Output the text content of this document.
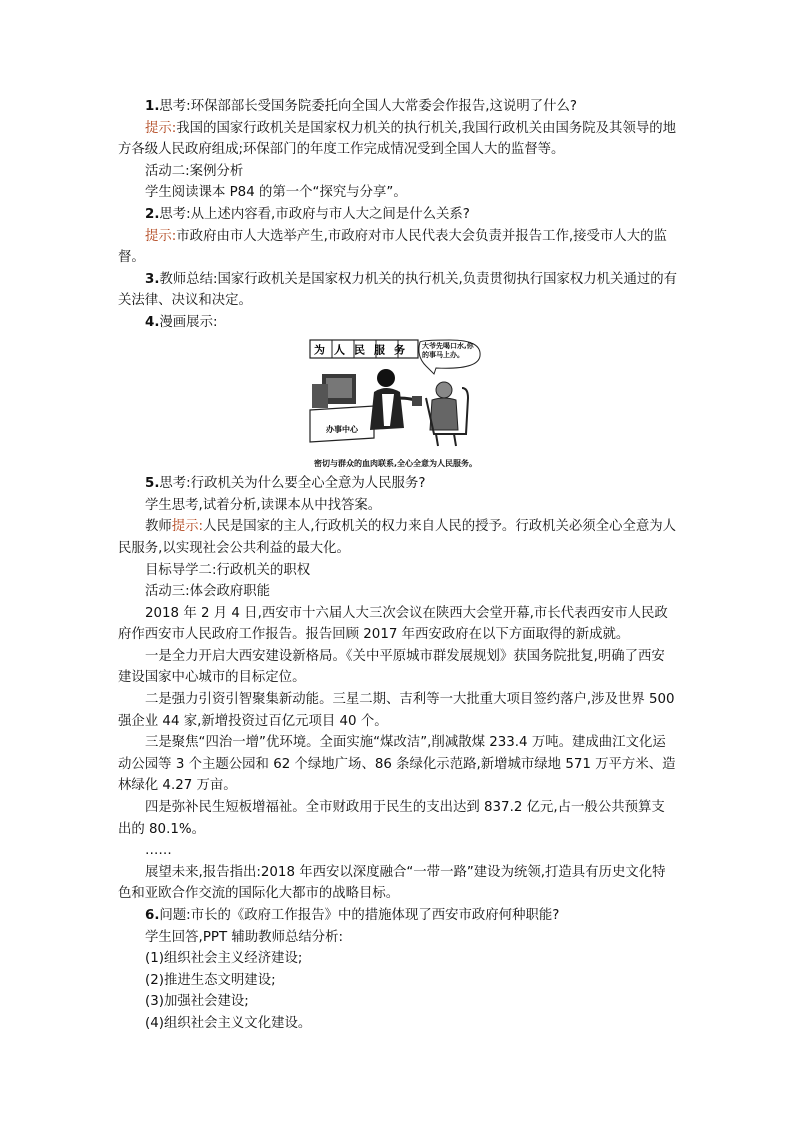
1.思考:环保部部长受国务院委托向全国人大常委会作报告,这说明了什么?

提示:我国的国家行政机关是国家权力机关的执行机关,我国行政机关由国务院及其领导的地方各级人民政府组成;环保部门的年度工作完成情况受到全国人大的监督等。

活动二:案例分析

学生阅读课本 P84 的第一个“探究与分享”。

2.思考:从上述内容看,市政府与市人大之间是什么关系?

提示:市政府由市人大选举产生,市政府对市人民代表大会负责并报告工作,接受市人大的监督。

3.教师总结:国家行政机关是国家权力机关的执行机关,负责贯彻执行国家权力机关通过的有关法律、决议和决定。

4.漫画展示:

为人民服务 大爷先喝口水,你的事马上办。
办事中心
密切与群众的血肉联系,全心全意为人民服务。

5.思考:行政机关为什么要全心全意为人民服务?

学生思考,试着分析,读课本从中找答案。

教师提示:人民是国家的主人,行政机关的权力来自人民的授予。行政机关必须全心全意为人民服务,以实现社会公共利益的最大化。

目标导学二:行政机关的职权

活动三:体会政府职能

2018 年 2 月 4 日,西安市十六届人大三次会议在陕西大会堂开幕,市长代表西安市人民政府作西安市人民政府工作报告。报告回顾 2017 年西安政府在以下方面取得的新成就。

一是全力开启大西安建设新格局。《关中平原城市群发展规划》获国务院批复,明确了西安建设国家中心城市的目标定位。

二是强力引资引智聚集新动能。三星二期、吉利等一大批重大项目签约落户,涉及世界 500 强企业 44 家,新增投资过百亿元项目 40 个。

三是聚焦“四治一增”优环境。全面实施“煤改洁”,削减散煤 233.4 万吨。建成曲江文化运动公园等 3 个主题公园和 62 个绿地广场、86 条绿化示范路,新增城市绿地 571 万平方米、造林绿化 4.27 万亩。

四是弥补民生短板增福祉。全市财政用于民生的支出达到 837.2 亿元,占一般公共预算支出的 80.1%。

……

展望未来,报告指出:2018 年西安以深度融合“一带一路”建设为统领,打造具有历史文化特色和亚欧合作交流的国际化大都市的战略目标。

6.问题:市长的《政府工作报告》中的措施体现了西安市政府何种职能?

学生回答,PPT 辅助教师总结分析:

(1)组织社会主义经济建设;

(2)推进生态文明建设;

(3)加强社会建设;

(4)组织社会主义文化建设。
